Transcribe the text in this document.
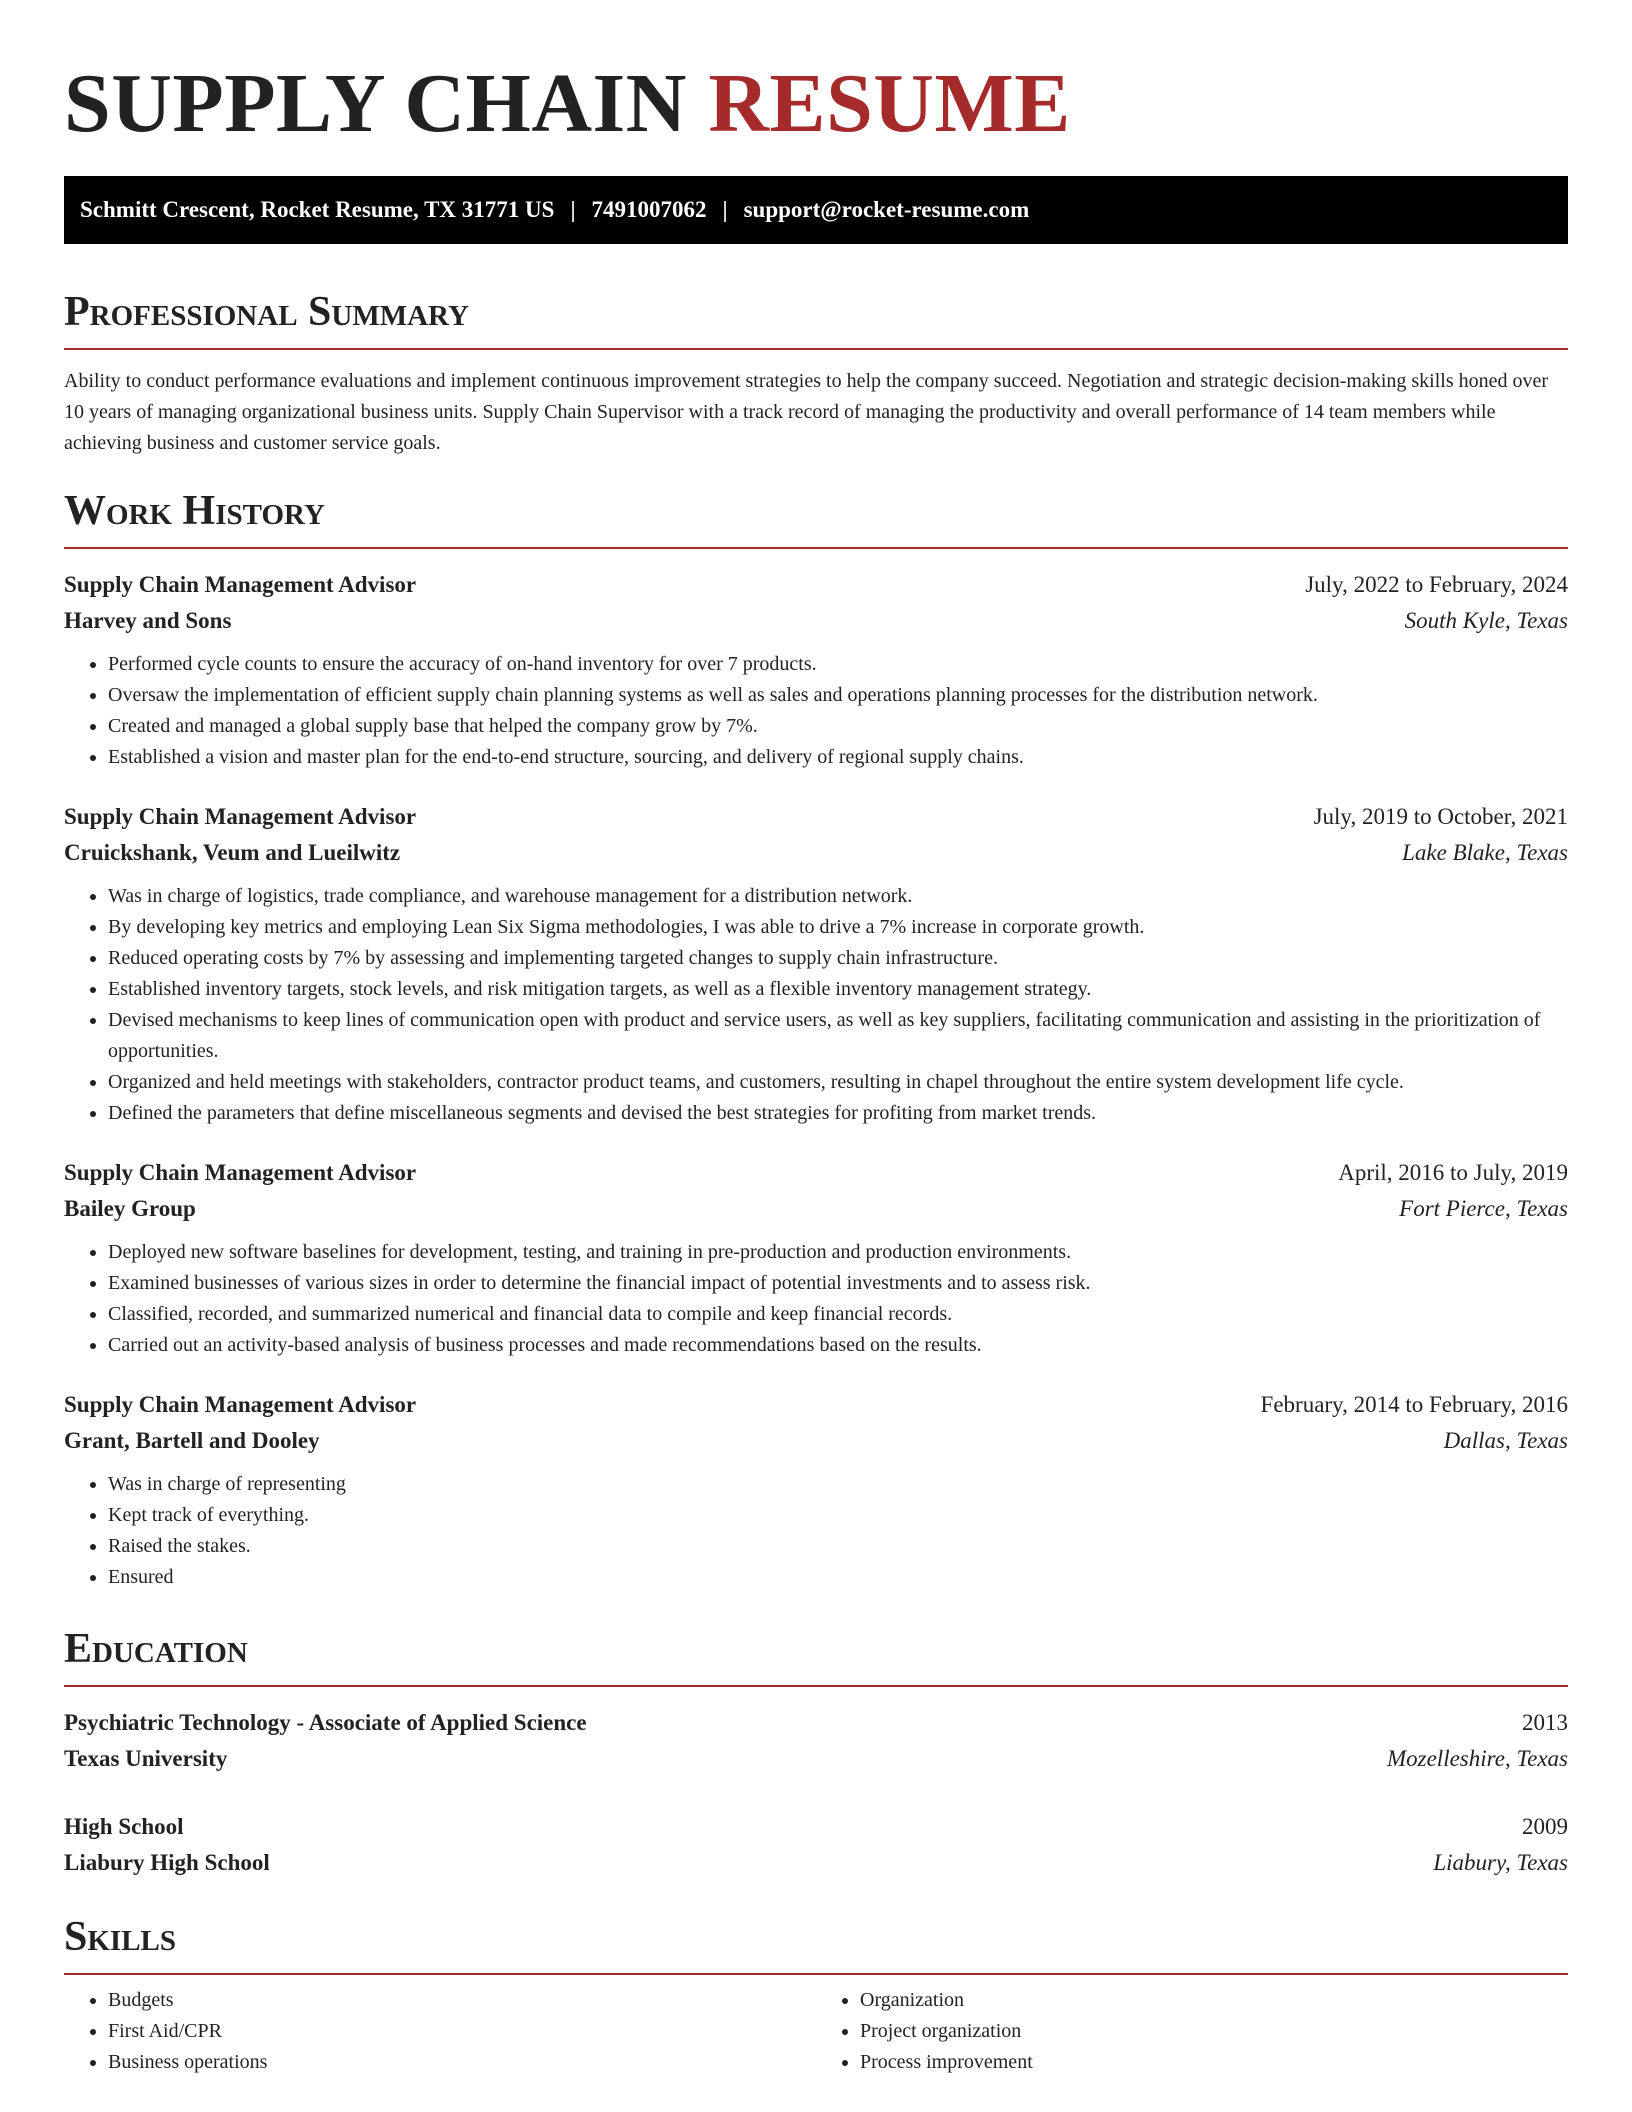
SUPPLY CHAIN RESUME
Schmitt Crescent, Rocket Resume, TX 31771 US | 7491007062 | support@rocket-resume.com
Professional Summary

Ability to conduct performance evaluations and implement continuous improvement strategies to help the company succeed. Negotiation and strategic decision-making skills honed over 10 years of managing organizational business units. Supply Chain Supervisor with a track record of managing the productivity and overall performance of 14 team members while achieving business and customer service goals.

Work History
Supply Chain Management Advisor	July, 2022 to February, 2024
Harvey and Sons	South Kyle, Texas
• Performed cycle counts to ensure the accuracy of on-hand inventory for over 7 products.
• Oversaw the implementation of efficient supply chain planning systems as well as sales and operations planning processes for the distribution network.
• Created and managed a global supply base that helped the company grow by 7%.
• Established a vision and master plan for the end-to-end structure, sourcing, and delivery of regional supply chains.
Supply Chain Management Advisor	July, 2019 to October, 2021
Cruickshank, Veum and Lueilwitz	Lake Blake, Texas
• Was in charge of logistics, trade compliance, and warehouse management for a distribution network.
• By developing key metrics and employing Lean Six Sigma methodologies, I was able to drive a 7% increase in corporate growth.
• Reduced operating costs by 7% by assessing and implementing targeted changes to supply chain infrastructure.
• Established inventory targets, stock levels, and risk mitigation targets, as well as a flexible inventory management strategy.
• Devised mechanisms to keep lines of communication open with product and service users, as well as key suppliers, facilitating communication and assisting in the prioritization of opportunities.
• Organized and held meetings with stakeholders, contractor product teams, and customers, resulting in chapel throughout the entire system development life cycle.
• Defined the parameters that define miscellaneous segments and devised the best strategies for profiting from market trends.
Supply Chain Management Advisor	April, 2016 to July, 2019
Bailey Group	Fort Pierce, Texas
• Deployed new software baselines for development, testing, and training in pre-production and production environments.
• Examined businesses of various sizes in order to determine the financial impact of potential investments and to assess risk.
• Classified, recorded, and summarized numerical and financial data to compile and keep financial records.
• Carried out an activity-based analysis of business processes and made recommendations based on the results.
Supply Chain Management Advisor	February, 2014 to February, 2016
Grant, Bartell and Dooley	Dallas, Texas
• Was in charge of representing
• Kept track of everything.
• Raised the stakes.
• Ensured
Education
Psychiatric Technology - Associate of Applied Science	2013
Texas University	Mozelleshire, Texas
High School	2009
Liabury High School	Liabury, Texas
Skills
• Budgets
• First Aid/CPR
• Business operations
• Organization
• Project organization
• Process improvement
